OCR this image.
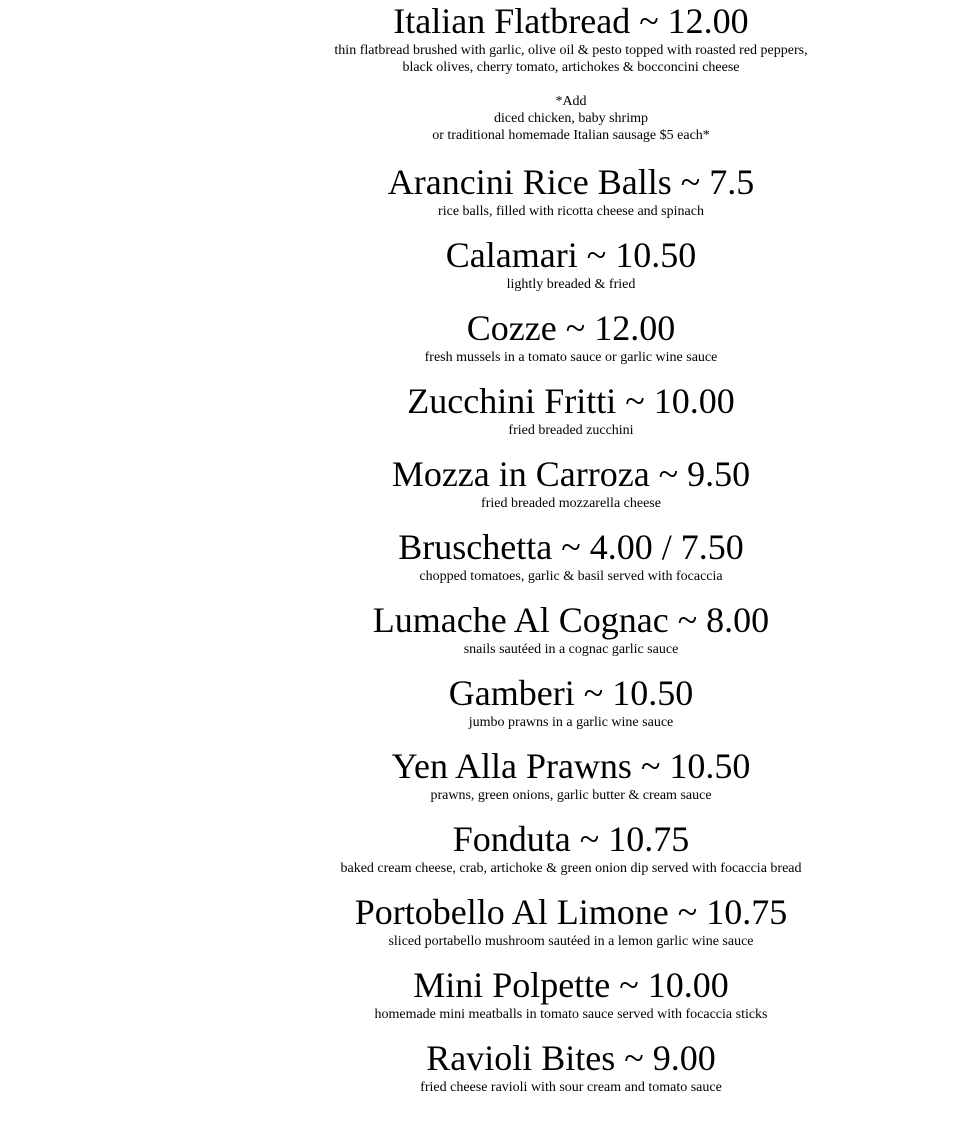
Italian Flatbread ~ 12.00

thin flatbread brushed with garlic, olive oil & pesto topped with roasted red peppers,
black olives, cherry tomato, artichokes & bocconcini cheese

*Add
diced chicken, baby shrimp
or traditional homemade Italian sausage $5 each*
Arancini Rice Balls ~ 7.5

rice balls, filled with ricotta cheese and spinach

Calamari ~ 10.50

lightly breaded & fried

Cozze ~ 12.00

fresh mussels in a tomato sauce or garlic wine sauce

Zucchini Fritti ~ 10.00

fried breaded zucchini

Mozza in Carroza ~ 9.50

fried breaded mozzarella cheese

Bruschetta ~ 4.00 / 7.50

chopped tomatoes, garlic & basil served with focaccia

Lumache Al Cognac ~ 8.00

snails sautéed in a cognac garlic sauce

Gamberi ~ 10.50

jumbo prawns in a garlic wine sauce

Yen Alla Prawns ~ 10.50

prawns, green onions, garlic butter & cream sauce

Fonduta ~ 10.75

baked cream cheese, crab, artichoke & green onion dip served with focaccia bread

Portobello Al Limone ~ 10.75

sliced portabello mushroom sautéed in a lemon garlic wine sauce

Mini Polpette ~ 10.00

homemade mini meatballs in tomato sauce served with focaccia sticks

Ravioli Bites ~ 9.00

fried cheese ravioli with sour cream and tomato sauce
